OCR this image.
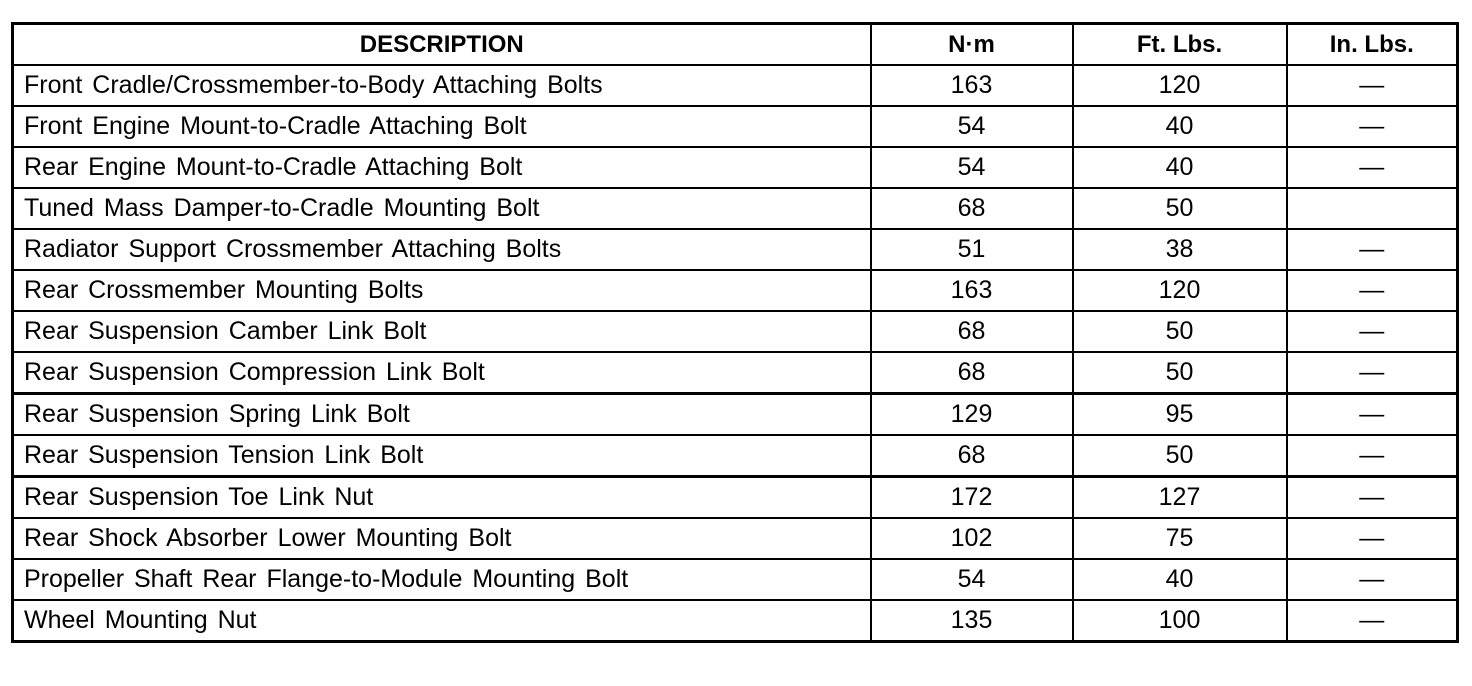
DESCRIPTION	N·m	Ft. Lbs.	In. Lbs.
Front Cradle/Crossmember-to-Body Attaching Bolts	163	120	—
Front Engine Mount-to-Cradle Attaching Bolt	54	40	—
Rear Engine Mount-to-Cradle Attaching Bolt	54	40	—
Tuned Mass Damper-to-Cradle Mounting Bolt	68	50	
Radiator Support Crossmember Attaching Bolts	51	38	—
Rear Crossmember Mounting Bolts	163	120	—
Rear Suspension Camber Link Bolt	68	50	—
Rear Suspension Compression Link Bolt	68	50	—
Rear Suspension Spring Link Bolt	129	95	—
Rear Suspension Tension Link Bolt	68	50	—
Rear Suspension Toe Link Nut	172	127	—
Rear Shock Absorber Lower Mounting Bolt	102	75	—
Propeller Shaft Rear Flange-to-Module Mounting Bolt	54	40	—
Wheel Mounting Nut	135	100	—
